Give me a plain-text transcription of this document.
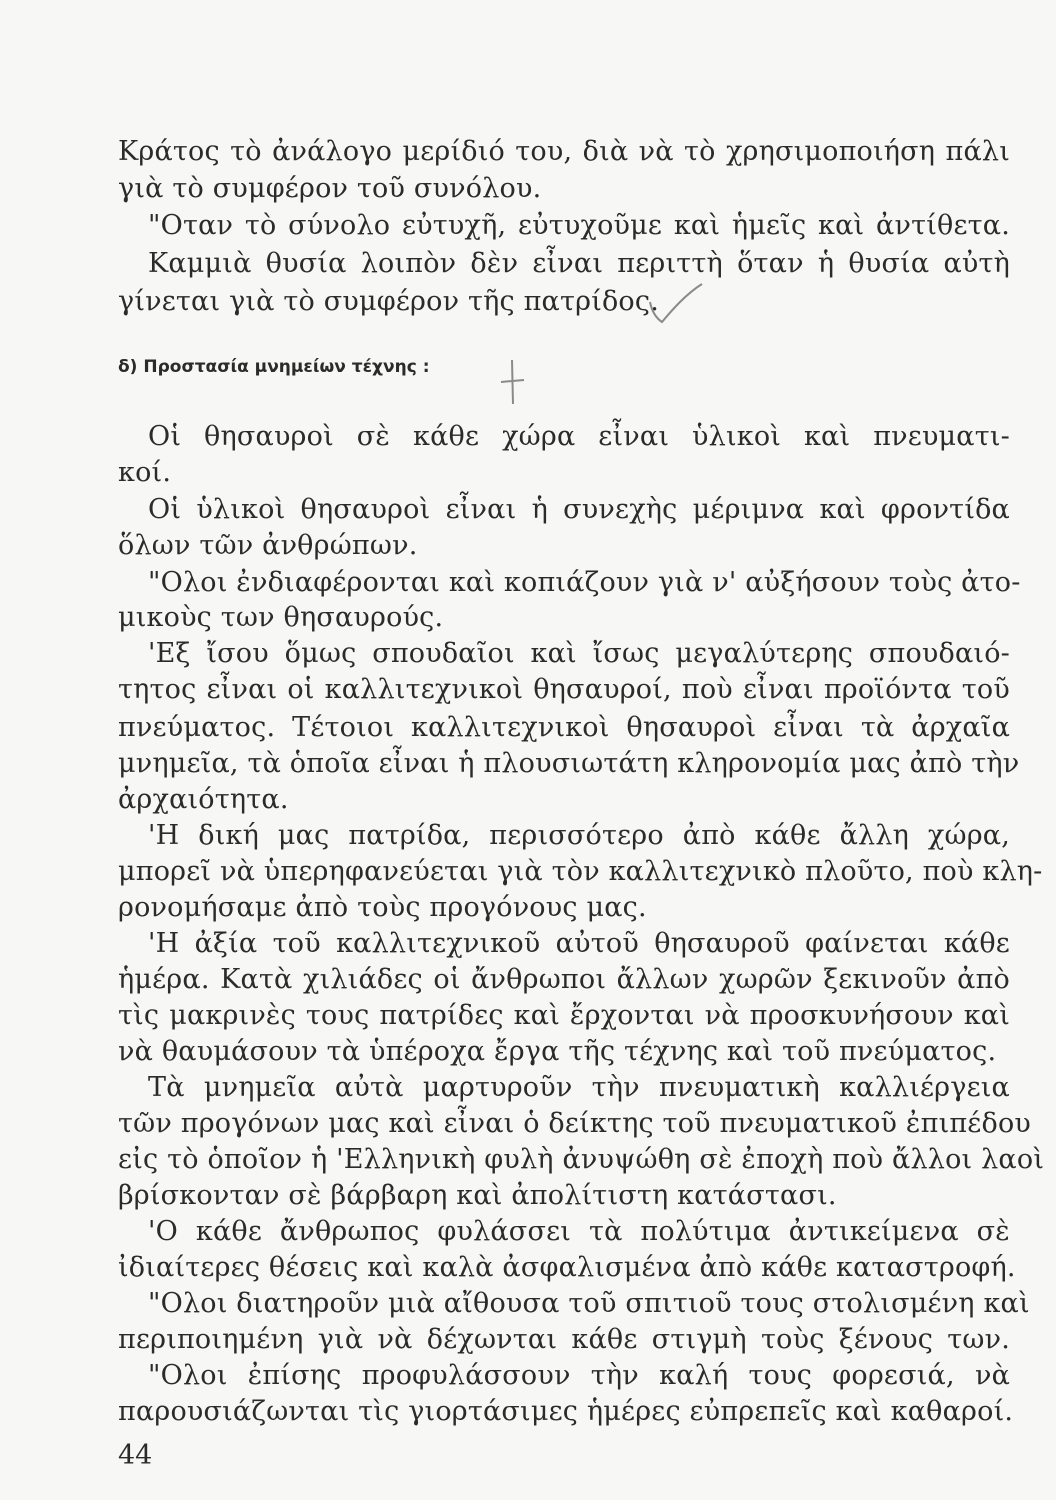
Κράτος τὸ ἀνάλογο μερίδιό του, διὰ νὰ τὸ χρησιμοποιήση πάλι
γιὰ τὸ συμφέρον τοῦ συνόλου.
"Οταν τὸ σύνολο εὐτυχῆ, εὐτυχοῦμε καὶ ἡμεῖς καὶ ἀντίθετα.
Καμμιὰ θυσία λοιπὸν δὲν εἶναι περιττὴ ὅταν ἡ θυσία αὐτὴ
γίνεται γιὰ τὸ συμφέρον τῆς πατρίδος.
δ) Προστασία μνημείων τέχνης :
Οἱ θησαυροὶ σὲ κάθε χώρα εἶναι ὑλικοὶ καὶ πνευματι-
κοί.
Οἱ ὑλικοὶ θησαυροὶ εἶναι ἡ συνεχὴς μέριμνα καὶ φροντίδα
ὅλων τῶν ἀνθρώπων.
"Ολοι ἐνδιαφέρονται καὶ κοπιάζουν γιὰ ν' αὐξήσουν τοὺς ἀτο-
μικοὺς των θησαυρούς.
'Εξ ἴσου ὅμως σπουδαῖοι καὶ ἴσως μεγαλύτερης σπουδαιό-
τητος εἶναι οἱ καλλιτεχνικοὶ θησαυροί, ποὺ εἶναι προϊόντα τοῦ
πνεύματος. Τέτοιοι καλλιτεχνικοὶ θησαυροὶ εἶναι τὰ ἀρχαῖα
μνημεῖα, τὰ ὁποῖα εἶναι ἡ πλουσιωτάτη κληρονομία μας ἀπὸ τὴν
ἀρχαιότητα.
'Η δική μας πατρίδα, περισσότερο ἀπὸ κάθε ἄλλη χώρα,
μπορεῖ νὰ ὑπερηφανεύεται γιὰ τὸν καλλιτεχνικὸ πλοῦτο, ποὺ κλη-
ρονομήσαμε ἀπὸ τοὺς προγόνους μας.
'Η ἀξία τοῦ καλλιτεχνικοῦ αὐτοῦ θησαυροῦ φαίνεται κάθε
ἡμέρα. Κατὰ χιλιάδες οἱ ἄνθρωποι ἄλλων χωρῶν ξεκινοῦν ἀπὸ
τὶς μακρινὲς τους πατρίδες καὶ ἔρχονται νὰ προσκυνήσουν καὶ
νὰ θαυμάσουν τὰ ὑπέροχα ἔργα τῆς τέχνης καὶ τοῦ πνεύματος.
Τὰ μνημεῖα αὐτὰ μαρτυροῦν τὴν πνευματικὴ καλλιέργεια
τῶν προγόνων μας καὶ εἶναι ὁ δείκτης τοῦ πνευματικοῦ ἐπιπέδου
εἰς τὸ ὁποῖον ἡ 'Ελληνικὴ φυλὴ ἀνυψώθη σὲ ἐποχὴ ποὺ ἄλλοι λαοὶ
βρίσκονταν σὲ βάρβαρη καὶ ἀπολίτιστη κατάστασι.
'Ο κάθε ἄνθρωπος φυλάσσει τὰ πολύτιμα ἀντικείμενα σὲ
ἰδιαίτερες θέσεις καὶ καλὰ ἀσφαλισμένα ἀπὸ κάθε καταστροφή.
"Ολοι διατηροῦν μιὰ αἴθουσα τοῦ σπιτιοῦ τους στολισμένη καὶ
περιποιημένη γιὰ νὰ δέχωνται κάθε στιγμὴ τοὺς ξένους των.
"Ολοι ἐπίσης προφυλάσσουν τὴν καλή τους φορεσιά, νὰ
παρουσιάζωνται τὶς γιορτάσιμες ἡμέρες εὐπρεπεῖς καὶ καθαροί.
44
